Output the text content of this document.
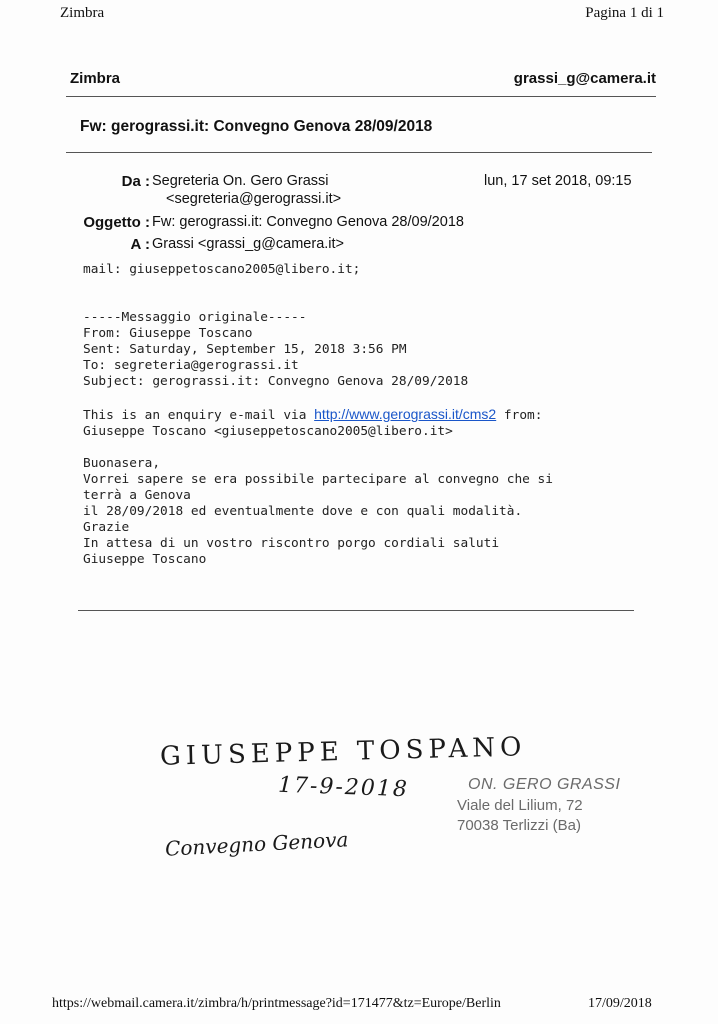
Zimbra	Pagina 1 di 1
Zimbra	grassi_g@camera.it
Fw: gerograssi.it: Convegno Genova 28/09/2018
Da : Segreteria On. Gero Grassi
<segreteria@gerograssi.it>
lun, 17 set 2018, 09:15
Oggetto : Fw: gerograssi.it: Convegno Genova 28/09/2018
A : Grassi <grassi_g@camera.it>
mail: giuseppetoscano2005@libero.it;

-----Messaggio originale-----
From: Giuseppe Toscano
Sent: Saturday, September 15, 2018 3:56 PM
To: segreteria@gerograssi.it
Subject: gerograssi.it: Convegno Genova 28/09/2018

This is an enquiry e-mail via http://www.gerograssi.it/cms2 from:
Giuseppe Toscano <giuseppetoscano2005@libero.it>

Buonasera,
Vorrei sapere se era possibile partecipare al convegno che si
terrà a Genova
il 28/09/2018 ed eventualmente dove e con quali modalità.
Grazie
In attesa di un vostro riscontro porgo cordiali saluti
Giuseppe Toscano
GIUSEPPE TOSPANO
17-9-2018
Convegno Genova
ON. GERO GRASSI
Viale del Lilium, 72
70038 Terlizzi (Ba)
https://webmail.camera.it/zimbra/h/printmessage?id=171477&tz=Europe/Berlin	17/09/2018
